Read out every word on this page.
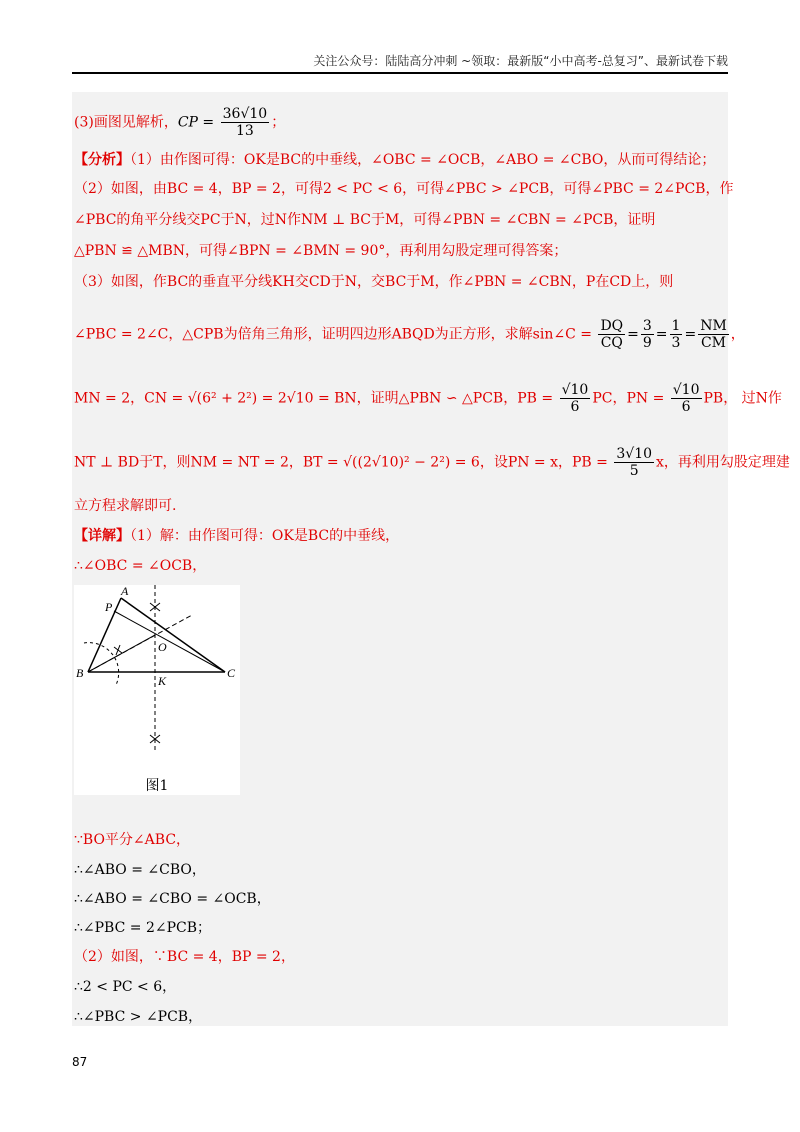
关注公众号：陆陆高分冲刺 ~领取：最新版“小中高考-总复习”、最新试卷下载
(3)画图见解析，CP = $\frac{36√10}{13}$ ；
【分析】（1）由作图可得：OK是BC的中垂线，∠OBC = ∠OCB，∠ABO = ∠CBO，从而可得结论；
（2）如图，由BC = 4，BP = 2，可得2 < PC < 6，可得∠PBC > ∠PCB，可得∠PBC = 2∠PCB，作
∠PBC的角平分线交PC于N，过N作NM ⊥ BC于M，可得∠PBN = ∠CBN = ∠PCB，证明
△PBN ≌ △MBN，可得∠BPN = ∠BMN = 90°，再利用勾股定理可得答案；
（3）如图，作BC的垂直平分线KH交CD于N，交BC于M，作∠PBN = ∠CBN，P在CD上，则
∠PBC = 2∠C，△CPB为倍角三角形，证明四边形ABQD为正方形，求解sin∠C = $\frac{DQ}{CQ} = \frac{3}{9} = \frac{1}{3} = \frac{NM}{CM}$ ，
MN = 2，CN = √(6² + 2²) = 2√10 = BN，证明△PBN ∽ △PCB，PB = $\frac{√10}{6}$ PC，PN = $\frac{√10}{6}$ PB， 过N作
NT ⊥ BD于T，则NM = NT = 2，BT = √((2√10)² − 2²) = 6，设PN = x，PB = $\frac{3√10}{5}$ x，再利用勾股定理建
立方程求解即可.
【详解】（1）解：由作图可得：OK是BC的中垂线，
∴∠OBC = ∠OCB，
A
P
O
B
K
C
图1
∵BO平分∠ABC，
∴∠ABO = ∠CBO，
∴∠ABO = ∠CBO = ∠OCB，
∴∠PBC = 2∠PCB；
（2）如图，∵BC = 4，BP = 2，
∴2 < PC < 6，
∴∠PBC > ∠PCB，
87
